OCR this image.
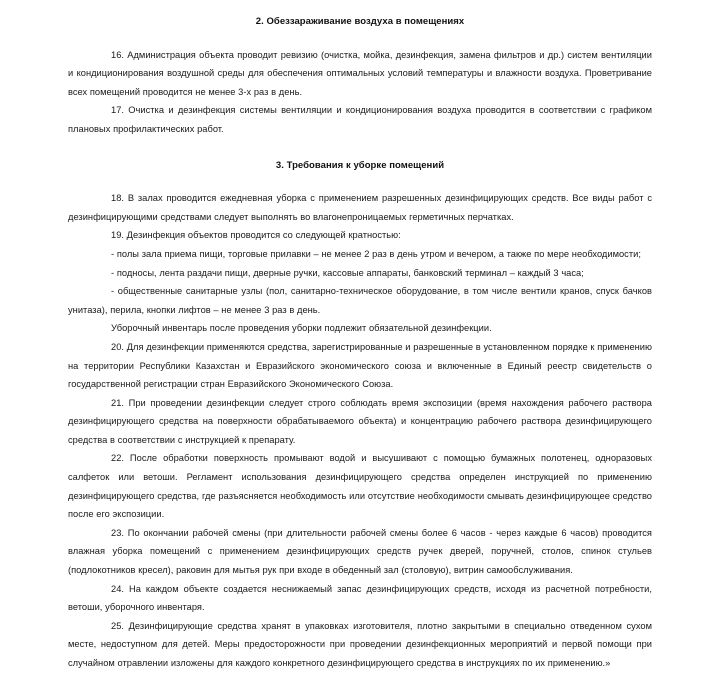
2. Обеззараживание воздуха в помещениях

16. Администрация объекта проводит ревизию (очистка, мойка, дезинфекция, замена фильтров и др.) систем вентиляции и кондиционирования воздушной среды для обеспечения оптимальных условий температуры и влажности воздуха. Проветривание всех помещений проводится не менее 3-х раз в день.

17. Очистка и дезинфекция системы вентиляции и кондиционирования воздуха проводится в соответствии с графиком плановых профилактических работ.

3. Требования к уборке помещений

18. В залах проводится ежедневная уборка с применением разрешенных дезинфицирующих средств. Все виды работ с дезинфицирующими средствами следует выполнять во влагонепроницаемых герметичных перчатках.

19. Дезинфекция объектов проводится со следующей кратностью:

- полы зала приема пищи, торговые прилавки – не менее 2 раз в день утром и вечером, а также по мере необходимости;

- подносы, лента раздачи пищи, дверные ручки, кассовые аппараты, банковский терминал – каждый 3 часа;

- общественные санитарные узлы (пол, санитарно-техническое оборудование, в том числе вентили кранов, спуск бачков унитаза), перила, кнопки лифтов – не менее 3 раз в день.

Уборочный инвентарь после проведения уборки подлежит обязательной дезинфекции.

20. Для дезинфекции применяются средства, зарегистрированные и разрешенные в установленном порядке к применению на территории Республики Казахстан и Евразийского экономического союза и включенные в Единый реестр свидетельств о государственной регистрации стран Евразийского Экономического Союза.

21. При проведении дезинфекции следует строго соблюдать время экспозиции (время нахождения рабочего раствора дезинфицирующего средства на поверхности обрабатываемого объекта) и концентрацию рабочего раствора дезинфицирующего средства в соответствии с инструкцией к препарату.

22. После обработки поверхность промывают водой и высушивают с помощью бумажных полотенец, одноразовых салфеток или ветоши. Регламент использования дезинфицирующего средства определен инструкцией по применению дезинфицирующего средства, где разъясняется необходимость или отсутствие необходимости смывать дезинфицирующее средство после его экспозиции.

23. По окончании рабочей смены (при длительности рабочей смены более 6 часов - через каждые 6 часов) проводится влажная уборка помещений с применением дезинфицирующих средств ручек дверей, поручней, столов, спинок стульев (подлокотников кресел), раковин для мытья рук при входе в обеденный зал (столовую), витрин самообслуживания.

24. На каждом объекте создается неснижаемый запас дезинфицирующих средств, исходя из расчетной потребности, ветоши, уборочного инвентаря.

25. Дезинфицирующие средства хранят в упаковках изготовителя, плотно закрытыми в специально отведенном сухом месте, недоступном для детей. Меры предосторожности при проведении дезинфекционных мероприятий и первой помощи при случайном отравлении изложены для каждого конкретного дезинфицирующего средства в инструкциях по их применению.»
